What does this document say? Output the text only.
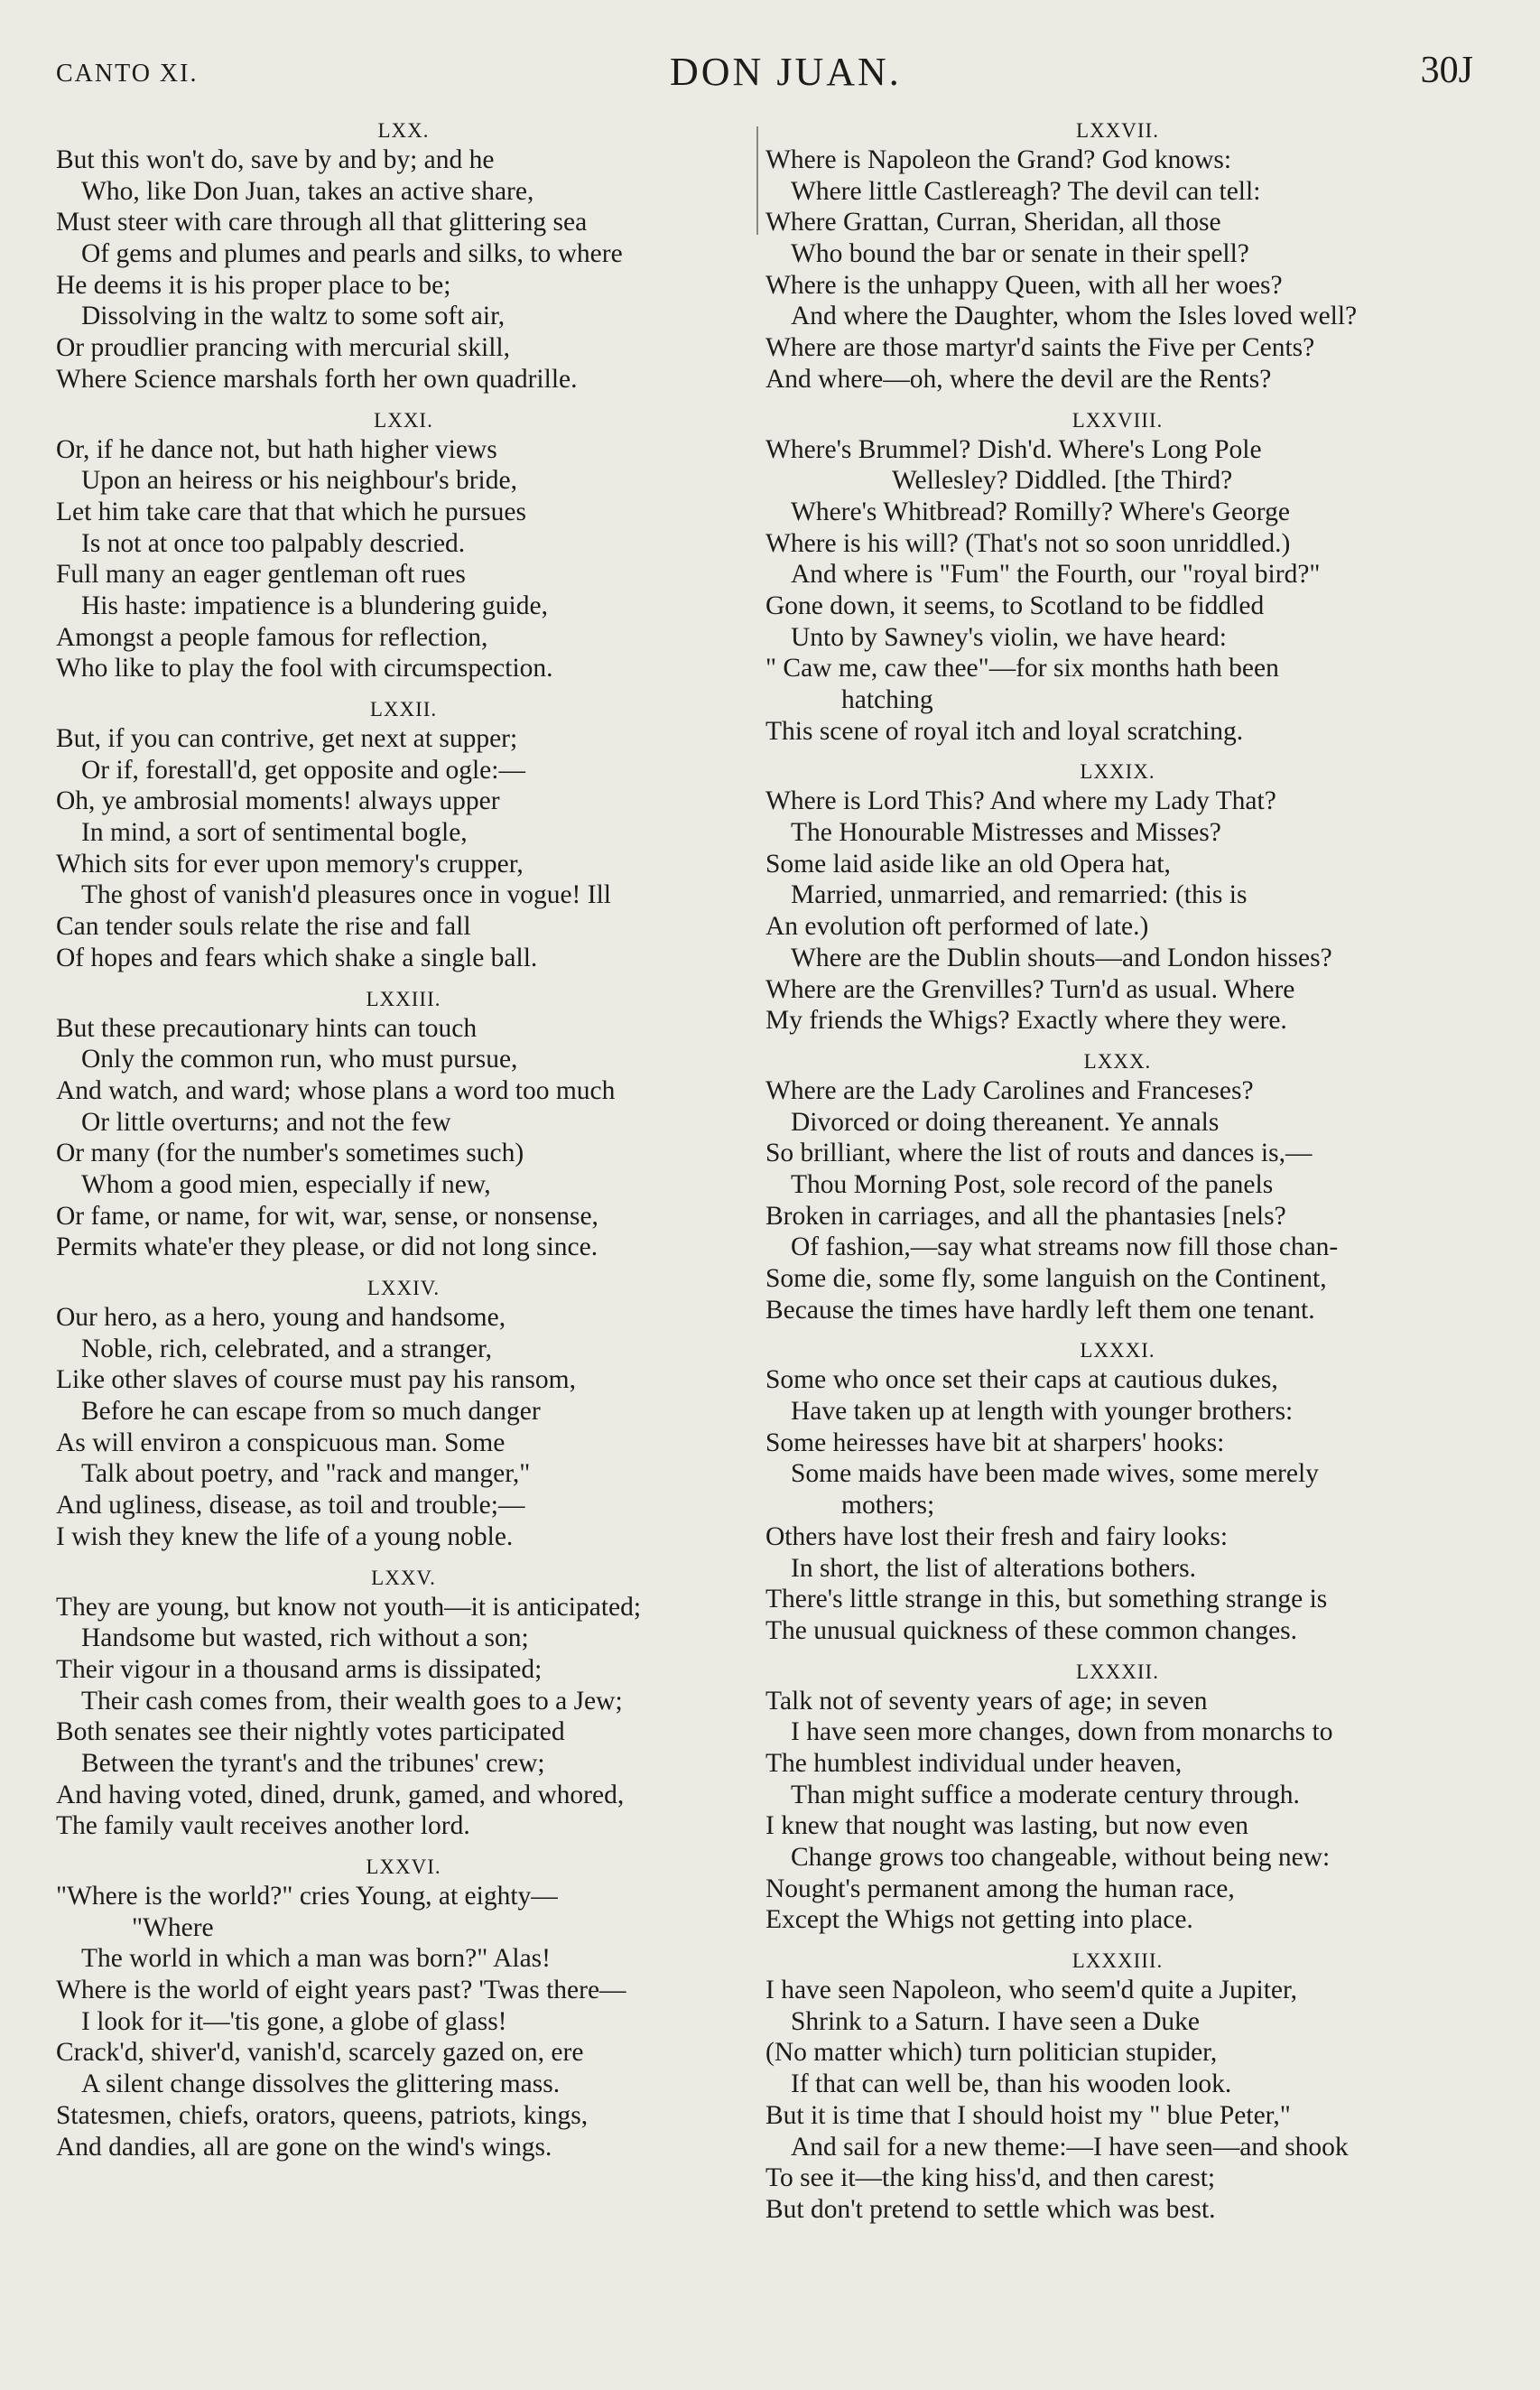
CANTO XI.	DON JUAN.	30J
LXX.
But this won't do, save by and by; and he
Who, like Don Juan, takes an active share,
Must steer with care through all that glittering sea
Of gems and plumes and pearls and silks, to where
He deems it is his proper place to be;
Dissolving in the waltz to some soft air,
Or proudlier prancing with mercurial skill,
Where Science marshals forth her own quadrille.
LXXI.
Or, if he dance not, but hath higher views
Upon an heiress or his neighbour's bride,
Let him take care that that which he pursues
Is not at once too palpably descried.
Full many an eager gentleman oft rues
His haste: impatience is a blundering guide,
Amongst a people famous for reflection,
Who like to play the fool with circumspection.
LXXII.
But, if you can contrive, get next at supper;
Or if, forestall'd, get opposite and ogle:—
Oh, ye ambrosial moments! always upper
In mind, a sort of sentimental bogle,
Which sits for ever upon memory's crupper,
The ghost of vanish'd pleasures once in vogue! Ill
Can tender souls relate the rise and fall
Of hopes and fears which shake a single ball.
LXXIII.
But these precautionary hints can touch
Only the common run, who must pursue,
And watch, and ward; whose plans a word too much
Or little overturns; and not the few
Or many (for the number's sometimes such)
Whom a good mien, especially if new,
Or fame, or name, for wit, war, sense, or nonsense,
Permits whate'er they please, or did not long since.
LXXIV.
Our hero, as a hero, young and handsome,
Noble, rich, celebrated, and a stranger,
Like other slaves of course must pay his ransom,
Before he can escape from so much danger
As will environ a conspicuous man. Some
Talk about poetry, and "rack and manger,"
And ugliness, disease, as toil and trouble;—
I wish they knew the life of a young noble.
LXXV.
They are young, but know not youth—it is anticipated;
Handsome but wasted, rich without a son;
Their vigour in a thousand arms is dissipated;
Their cash comes from, their wealth goes to a Jew;
Both senates see their nightly votes participated
Between the tyrant's and the tribunes' crew;
And having voted, dined, drunk, gamed, and whored,
The family vault receives another lord.
LXXVI.
"Where is the world?" cries Young, at eighty—
"Where
The world in which a man was born?" Alas!
Where is the world of eight years past? 'Twas there—
I look for it—'tis gone, a globe of glass!
Crack'd, shiver'd, vanish'd, scarcely gazed on, ere
A silent change dissolves the glittering mass.
Statesmen, chiefs, orators, queens, patriots, kings,
And dandies, all are gone on the wind's wings.
LXXVII.
Where is Napoleon the Grand? God knows:
Where little Castlereagh? The devil can tell:
Where Grattan, Curran, Sheridan, all those
Who bound the bar or senate in their spell?
Where is the unhappy Queen, with all her woes?
And where the Daughter, whom the Isles loved well?
Where are those martyr'd saints the Five per Cents?
And where—oh, where the devil are the Rents?
LXXVIII.
Where's Brummel? Dish'd. Where's Long Pole
Wellesley? Diddled. [the Third?
Where's Whitbread? Romilly? Where's George
Where is his will? (That's not so soon unriddled.)
And where is "Fum" the Fourth, our "royal bird?"
Gone down, it seems, to Scotland to be fiddled
Unto by Sawney's violin, we have heard:
" Caw me, caw thee"—for six months hath been
hatching
This scene of royal itch and loyal scratching.
LXXIX.
Where is Lord This? And where my Lady That?
The Honourable Mistresses and Misses?
Some laid aside like an old Opera hat,
Married, unmarried, and remarried: (this is
An evolution oft performed of late.)
Where are the Dublin shouts—and London hisses?
Where are the Grenvilles? Turn'd as usual. Where
My friends the Whigs? Exactly where they were.
LXXX.
Where are the Lady Carolines and Franceses?
Divorced or doing thereanent. Ye annals
So brilliant, where the list of routs and dances is,—
Thou Morning Post, sole record of the panels
Broken in carriages, and all the phantasies [nels?
Of fashion,—say what streams now fill those chan-
Some die, some fly, some languish on the Continent,
Because the times have hardly left them one tenant.
LXXXI.
Some who once set their caps at cautious dukes,
Have taken up at length with younger brothers:
Some heiresses have bit at sharpers' hooks:
Some maids have been made wives, some merely
mothers;
Others have lost their fresh and fairy looks:
In short, the list of alterations bothers.
There's little strange in this, but something strange is
The unusual quickness of these common changes.
LXXXII.
Talk not of seventy years of age; in seven
I have seen more changes, down from monarchs to
The humblest individual under heaven,
Than might suffice a moderate century through.
I knew that nought was lasting, but now even
Change grows too changeable, without being new:
Nought's permanent among the human race,
Except the Whigs not getting into place.
LXXXIII.
I have seen Napoleon, who seem'd quite a Jupiter,
Shrink to a Saturn. I have seen a Duke
(No matter which) turn politician stupider,
If that can well be, than his wooden look.
But it is time that I should hoist my " blue Peter,"
And sail for a new theme:—I have seen—and shook
To see it—the king hiss'd, and then carest;
But don't pretend to settle which was best.
